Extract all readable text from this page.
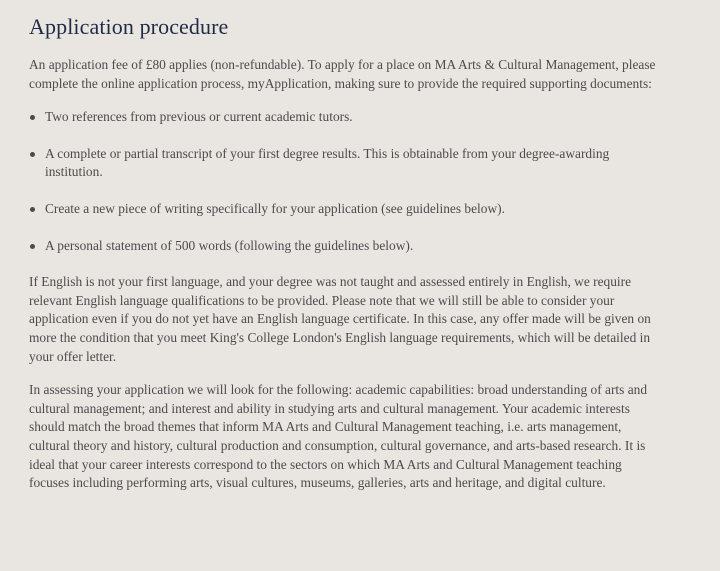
Application procedure

An application fee of £80 applies (non-refundable). To apply for a place on MA Arts & Cultural Management, please complete the online application process, myApplication, making sure to provide the required supporting documents:

Two references from previous or current academic tutors.
A complete or partial transcript of your first degree results. This is obtainable from your degree-awarding institution.
Create a new piece of writing specifically for your application (see guidelines below).
A personal statement of 500 words (following the guidelines below).

If English is not your first language, and your degree was not taught and assessed entirely in English, we require relevant English language qualifications to be provided. Please note that we will still be able to consider your application even if you do not yet have an English language certificate. In this case, any offer made will be given on more the condition that you meet King's College London's English language requirements, which will be detailed in your offer letter.

In assessing your application we will look for the following: academic capabilities: broad understanding of arts and cultural management; and interest and ability in studying arts and cultural management. Your academic interests should match the broad themes that inform MA Arts and Cultural Management teaching, i.e. arts management, cultural theory and history, cultural production and consumption, cultural governance, and arts-based research. It is ideal that your career interests correspond to the sectors on which MA Arts and Cultural Management teaching focuses including performing arts, visual cultures, museums, galleries, arts and heritage, and digital culture.
